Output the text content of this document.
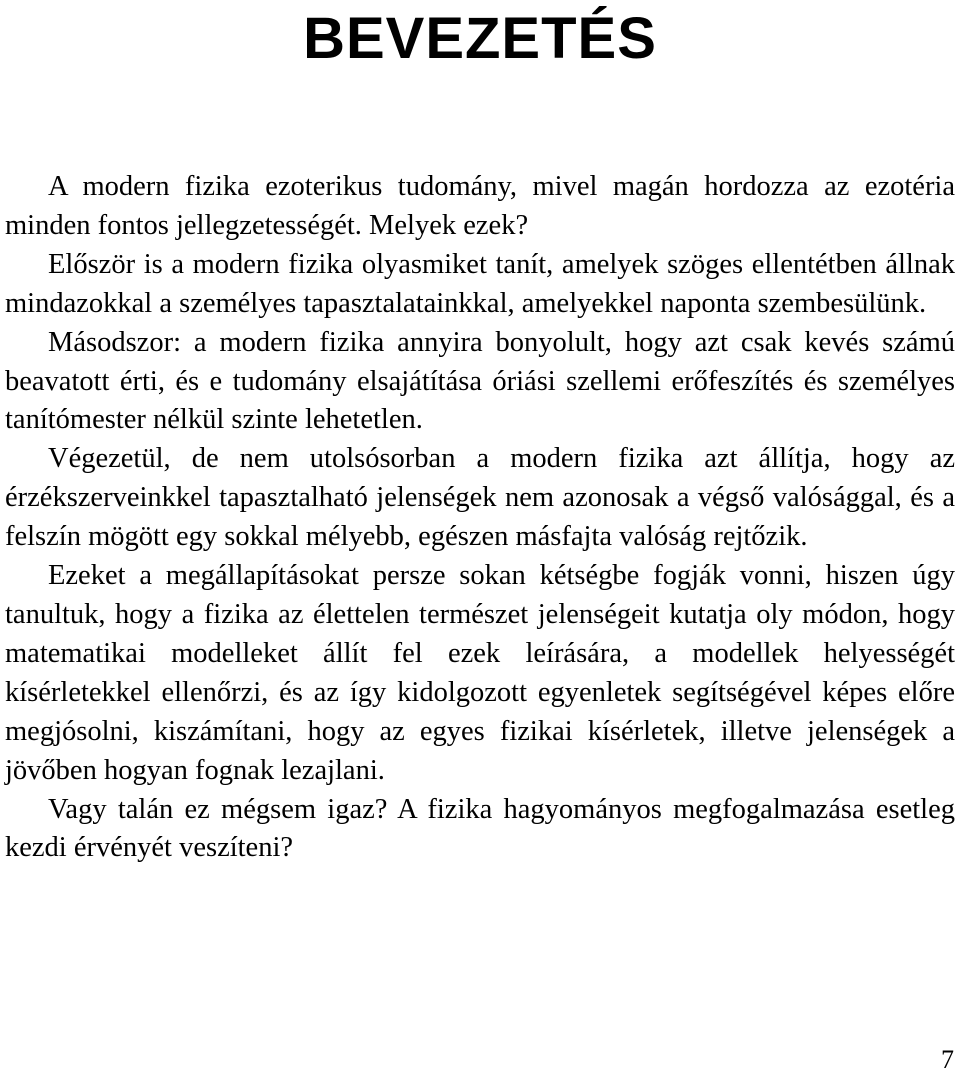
BEVEZETÉS

A modern fizika ezoterikus tudomány, mivel magán hordozza az ezotéria minden fontos jellegzetességét. Melyek ezek?

Először is a modern fizika olyasmiket tanít, amelyek szöges ellentétben állnak mindazokkal a személyes tapasztalatainkkal, amelyekkel naponta szembesülünk.

Másodszor: a modern fizika annyira bonyolult, hogy azt csak kevés számú beavatott érti, és e tudomány elsajátítása óriási szellemi erőfeszítés és személyes tanítómester nélkül szinte lehetetlen.

Végezetül, de nem utolsósorban a modern fizika azt állítja, hogy az érzékszerveinkkel tapasztalható jelenségek nem azonosak a végső valósággal, és a felszín mögött egy sokkal mélyebb, egészen másfajta valóság rejtőzik.

Ezeket a megállapításokat persze sokan kétségbe fogják vonni, hiszen úgy tanultuk, hogy a fizika az élettelen természet jelenségeit kutatja oly módon, hogy matematikai modelleket állít fel ezek leírására, a modellek helyességét kísérletekkel ellenőrzi, és az így kidolgozott egyenletek segítségével képes előre megjósolni, kiszámítani, hogy az egyes fizikai kísérletek, illetve jelenségek a jövőben hogyan fognak lezajlani.

Vagy talán ez mégsem igaz? A fizika hagyományos megfogalmazása esetleg kezdi érvényét veszíteni?

7
